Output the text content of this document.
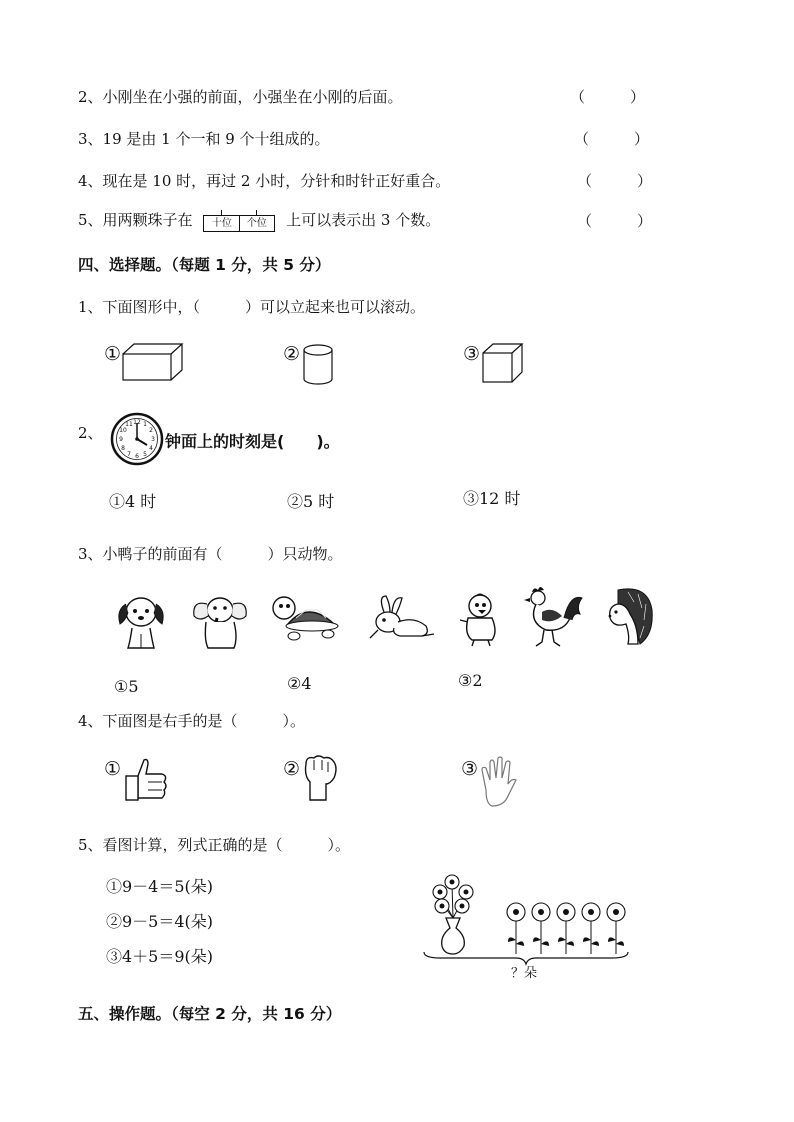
2、小刚坐在小强的前面，小强坐在小刚的后面。	（　　　）
3、19 是由 1 个一和 9 个十组成的。	（　　　）
4、现在是 10 时，再过 2 小时，分针和时针正好重合。	（　　　）
5、用两颗珠子在	十位	个位	上可以表示出 3 个数。	（　　　）
四、选择题。（每题 1 分，共 5 分）
1、下面图形中，（　　　）可以立起来也可以滚动。
①	②	③
2、
12 1
2
3
4
5
6
7
8
9
10
11
钟面上的时刻是(　　)。
①4 时	②5 时	③12 时
3、小鸭子的前面有（　　　）只动物。
①5	②4	③2
4、下面图是右手的是（　　　）。
①	②	③
5、看图计算，列式正确的是（　　　）。
①9－4＝5(朵)
②9－5＝4(朵)
③4＋5＝9(朵)
？朵
五、操作题。（每空 2 分，共 16 分）
